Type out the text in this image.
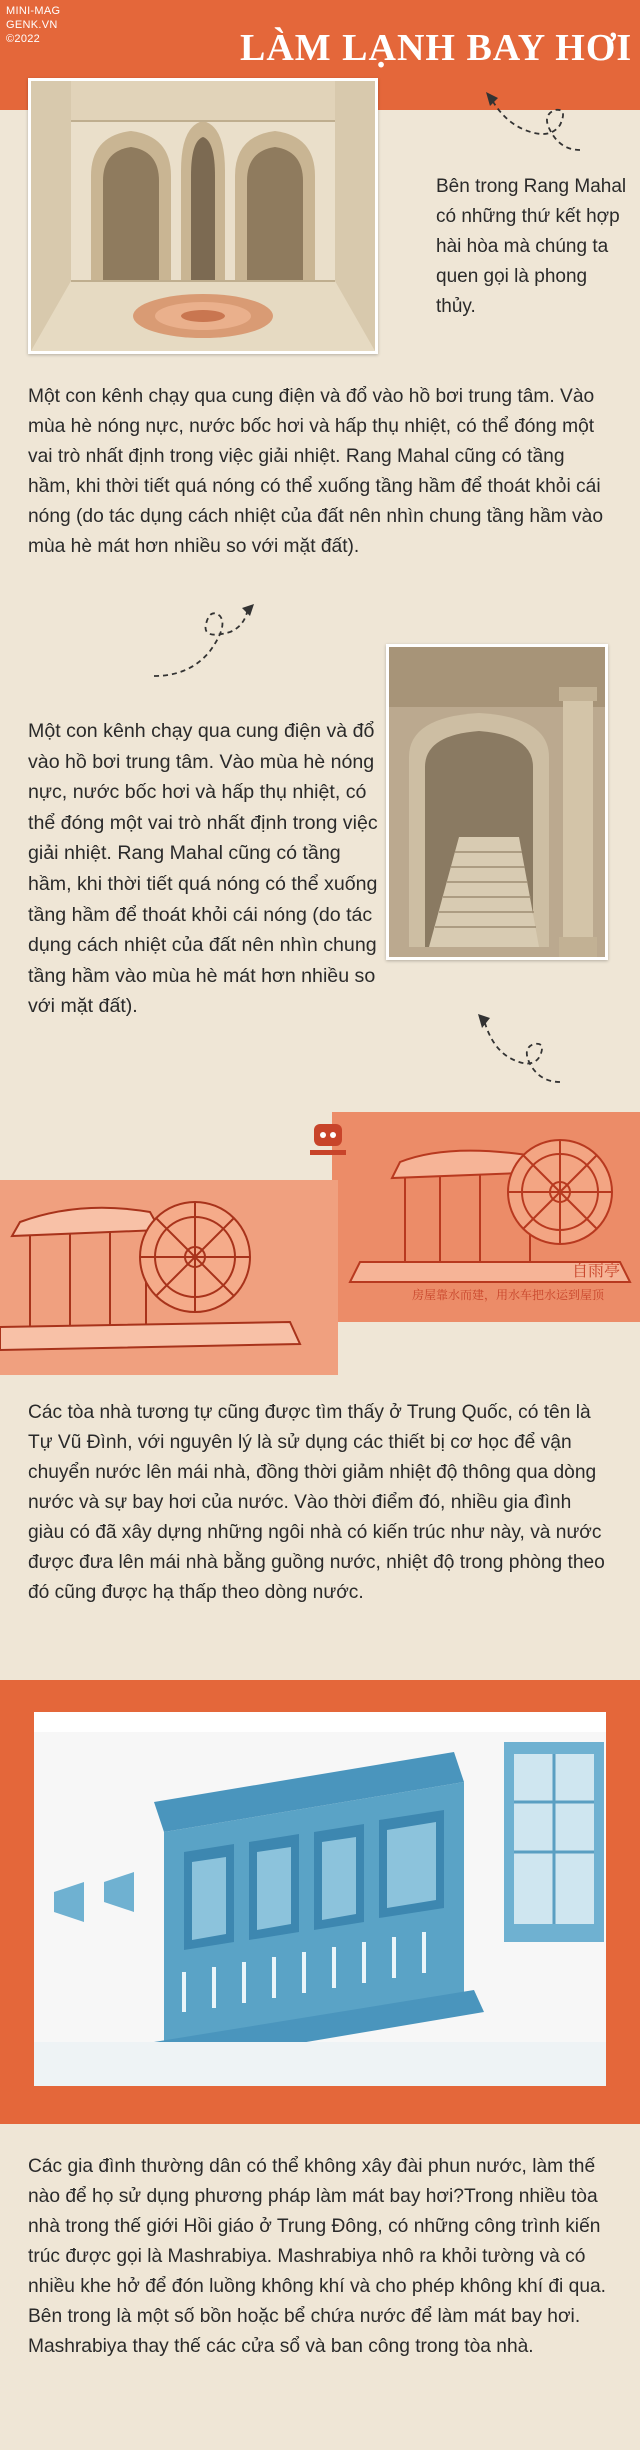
MINI-MAG
GENK.VN
©2022	LÀM LẠNH BAY HƠI
Bên trong Rang Mahal có những thứ kết hợp hài hòa mà chúng ta quen gọi là phong thủy.
Một con kênh chạy qua cung điện và đổ vào hồ bơi trung tâm. Vào mùa hè nóng nực, nước bốc hơi và hấp thụ nhiệt, có thể đóng một vai trò nhất định trong việc giải nhiệt. Rang Mahal cũng có tầng hầm, khi thời tiết quá nóng có thể xuống tầng hầm để thoát khỏi cái nóng (do tác dụng cách nhiệt của đất nên nhìn chung tầng hầm vào mùa hè mát hơn nhiều so với mặt đất).
Một con kênh chạy qua cung điện và đổ vào hồ bơi trung tâm. Vào mùa hè nóng nực, nước bốc hơi và hấp thụ nhiệt, có thể đóng một vai trò nhất định trong việc giải nhiệt. Rang Mahal cũng có tầng hầm, khi thời tiết quá nóng có thể xuống tầng hầm để thoát khỏi cái nóng (do tác dụng cách nhiệt của đất nên nhìn chung tầng hầm vào mùa hè mát hơn nhiều so với mặt đất).
自雨亭
房屋靠水而建，用水车把水运到屋顶
Các tòa nhà tương tự cũng được tìm thấy ở Trung Quốc, có tên là Tự Vũ Đình, với nguyên lý là sử dụng các thiết bị cơ học để vận chuyển nước lên mái nhà, đồng thời giảm nhiệt độ thông qua dòng nước và sự bay hơi của nước. Vào thời điểm đó, nhiều gia đình giàu có đã xây dựng những ngôi nhà có kiến trúc như này, và nước được đưa lên mái nhà bằng guồng nước, nhiệt độ trong phòng theo đó cũng được hạ thấp theo dòng nước.
Các gia đình thường dân có thể không xây đài phun nước, làm thế nào để họ sử dụng phương pháp làm mát bay hơi?Trong nhiều tòa nhà trong thế giới Hồi giáo ở Trung Đông, có những công trình kiến trúc được gọi là Mashrabiya. Mashrabiya nhô ra khỏi tường và có nhiều khe hở để đón luồng không khí và cho phép không khí đi qua. Bên trong là một số bồn hoặc bể chứa nước để làm mát bay hơi. Mashrabiya thay thế các cửa sổ và ban công trong tòa nhà.
